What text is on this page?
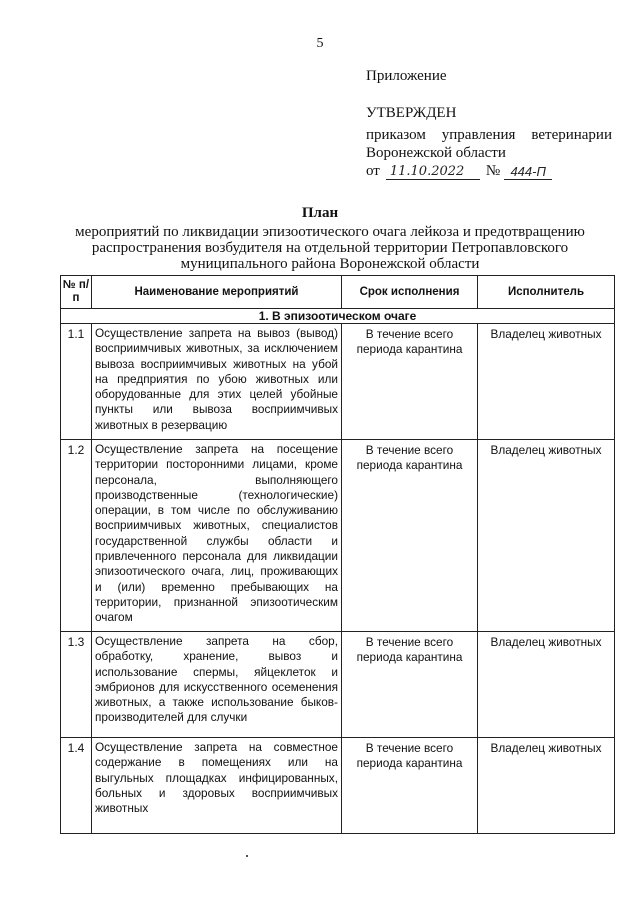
5
Приложение
УТВЕРЖДЕН
приказом управления ветеринарии
Воронежской области
от 11.10.2022	№ 444-П
План
мероприятий по ликвидации эпизоотического очага лейкоза и предотвращению распространения возбудителя на отдельной территории Петропавловского муниципального района Воронежской области
№ п/п	Наименование мероприятий	Срок исполнения	Исполнитель
1. В эпизоотическом очаге			
1.1	Осуществление запрета на вывоз (вывод) восприимчивых животных, за исключением вывоза восприимчивых животных на убой на предприятия по убою животных или оборудованные для этих целей убойные пункты или вывоза восприимчивых животных в резервацию	В течение всего периода карантина	Владелец животных
1.2	Осуществление запрета на посещение территории посторонними лицами, кроме персонала, выполняющего производственные (технологические) операции, в том числе по обслуживанию восприимчивых животных, специалистов государственной службы области и привлеченного персонала для ликвидации эпизоотического очага, лиц, проживающих и (или) временно пребывающих на территории, признанной эпизоотическим очагом	В течение всего периода карантина	Владелец животных
1.3	Осуществление запрета на сбор, обработку, хранение, вывоз и использование спермы, яйцеклеток и эмбрионов для искусственного осеменения животных, а также использование быков-производителей для случки	В течение всего периода карантина	Владелец животных
1.4	Осуществление запрета на совместное содержание в помещениях или на выгульных площадках инфицированных, больных и здоровых восприимчивых животных	В течение всего периода карантина	Владелец животных
